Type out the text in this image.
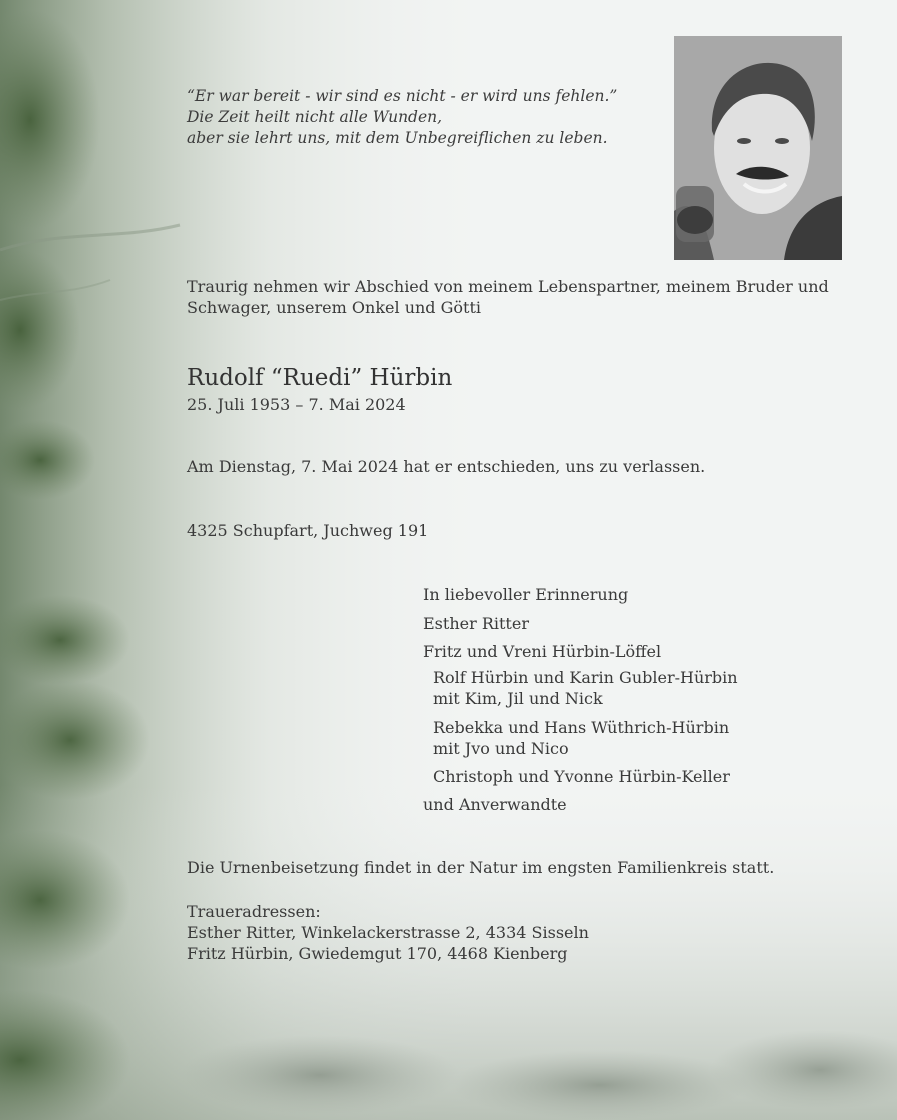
“Er war bereit - wir sind es nicht - er wird uns fehlen.”
Die Zeit heilt nicht alle Wunden,
aber sie lehrt uns, mit dem Unbegreiflichen zu leben.
Traurig nehmen wir Abschied von meinem Lebenspartner, meinem Bruder und
Schwager, unserem Onkel und Götti
Rudolf “Ruedi” Hürbin
25. Juli 1953 – 7. Mai 2024
Am Dienstag, 7. Mai 2024 hat er entschieden, uns zu verlassen.
4325 Schupfart, Juchweg 191
In liebevoller Erinnerung
Esther Ritter
Fritz und Vreni Hürbin-Löffel
Rolf Hürbin und Karin Gubler-Hürbin
mit Kim, Jil und Nick
Rebekka und Hans Wüthrich-Hürbin
mit Jvo und Nico
Christoph und Yvonne Hürbin-Keller
und Anverwandte
Die Urnenbeisetzung findet in der Natur im engsten Familienkreis statt.
Traueradressen:
Esther Ritter, Winkelackerstrasse 2, 4334 Sisseln
Fritz Hürbin, Gwiedemgut 170, 4468 Kienberg
